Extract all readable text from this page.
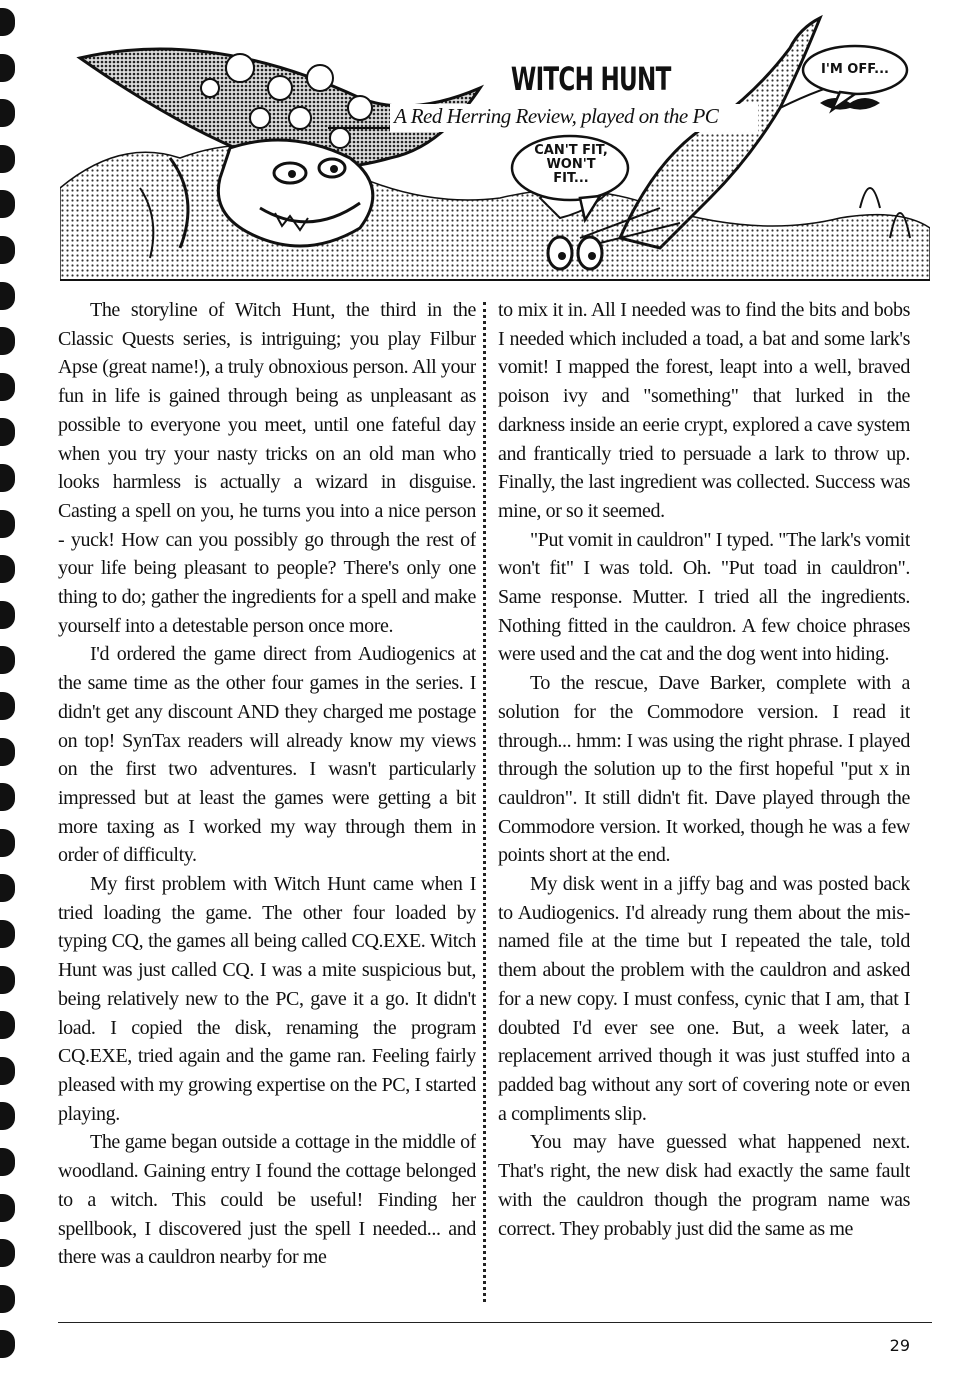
WITCH HUNT
A Red Herring Review, played on the PC
CAN'T FIT,
WON'T
FIT...
I'M OFF...

The storyline of Witch Hunt, the third in the Classic Quests series, is intriguing; you play Filbur Apse (great name!), a truly obnoxious person. All your fun in life is gained through being as unpleasant as possible to everyone you meet, until one fateful day when you try your nasty tricks on an old man who looks harmless is actually a wizard in disguise. Casting a spell on you, he turns you into a nice person - yuck! How can you possibly go through the rest of your life being pleasant to people? There's only one thing to do; gather the ingredients for a spell and make yourself into a detestable person once more.

I'd ordered the game direct from Audiogenics at the same time as the other four games in the series. I didn't get any discount AND they charged me postage on top! SynTax readers will already know my views on the first two adventures. I wasn't particularly impressed but at least the games were getting a bit more taxing as I worked my way through them in order of difficulty.

My first problem with Witch Hunt came when I tried loading the game. The other four loaded by typing CQ, the games all being called CQ.EXE. Witch Hunt was just called CQ. I was a mite suspicious but, being relatively new to the PC, gave it a go. It didn't load. I copied the disk, renaming the program CQ.EXE, tried again and the game ran. Feeling fairly pleased with my growing expertise on the PC, I started playing.

The game began outside a cottage in the middle of woodland. Gaining entry I found the cottage belonged to a witch. This could be useful! Finding her spellbook, I discovered just the spell I needed... and there was a cauldron nearby for me

to mix it in. All I needed was to find the bits and bobs I needed which included a toad, a bat and some lark's vomit! I mapped the forest, leapt into a well, braved poison ivy and "something" that lurked in the darkness inside an eerie crypt, explored a cave system and frantically tried to persuade a lark to throw up. Finally, the last ingredient was collected. Success was mine, or so it seemed.

"Put vomit in cauldron" I typed. "The lark's vomit won't fit" I was told. Oh. "Put toad in cauldron". Same response. Mutter. I tried all the ingredients. Nothing fitted in the cauldron. A few choice phrases were used and the cat and the dog went into hiding.

To the rescue, Dave Barker, complete with a solution for the Commodore version. I read it through... hmm: I was using the right phrase. I played through the solution up to the first hopeful "put x in cauldron". It still didn't fit. Dave played through the Commodore version. It worked, though he was a few points short at the end.

My disk went in a jiffy bag and was posted back to Audiogenics. I'd already rung them about the mis-named file at the time but I repeated the tale, told them about the problem with the cauldron and asked for a new copy. I must confess, cynic that I am, that I doubted I'd ever see one. But, a week later, a replacement arrived though it was just stuffed into a padded bag without any sort of covering note or even a compliments slip.

You may have guessed what happened next. That's right, the new disk had exactly the same fault with the cauldron though the program name was correct. They probably just did the same as me

29
